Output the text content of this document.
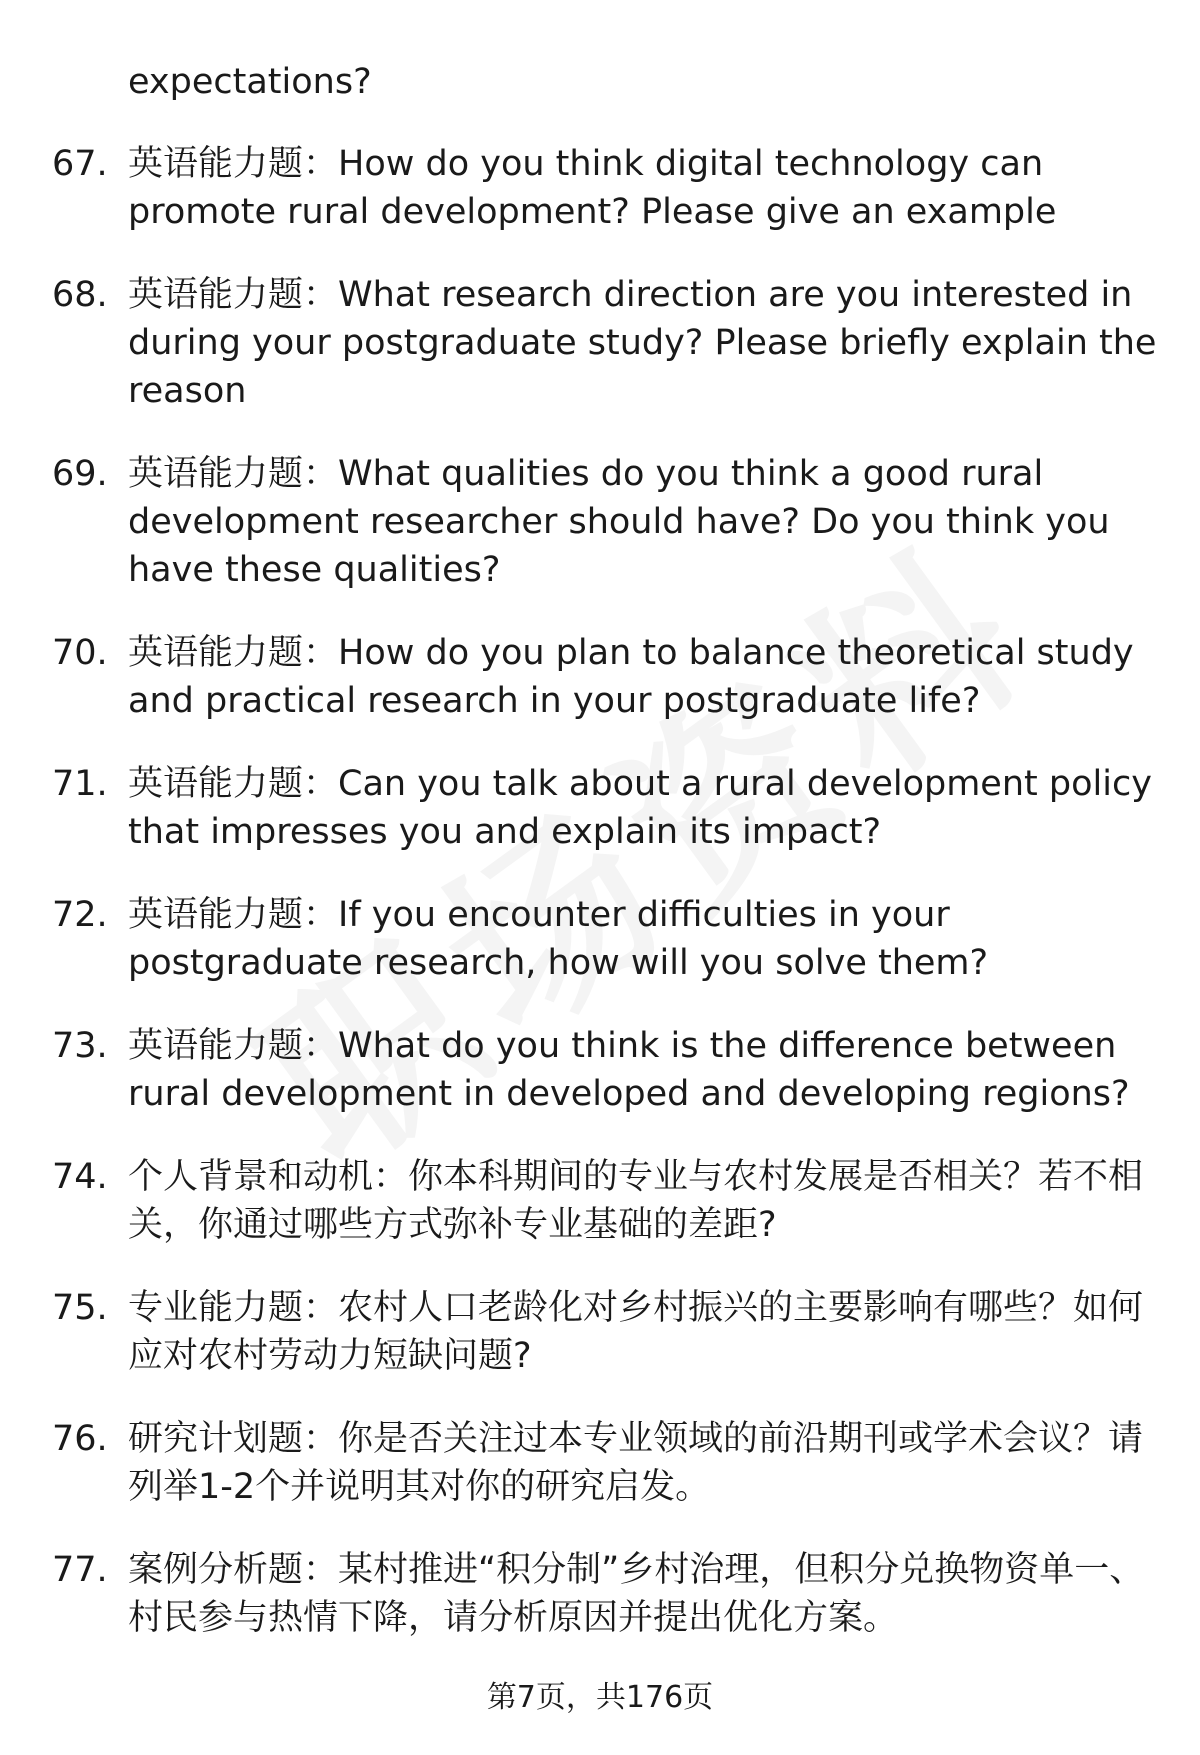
expectations?
67. 英语能力题：How do you think digital technology can promote rural development? Please give an example
68. 英语能力题：What research direction are you interested in during your postgraduate study? Please briefly explain the reason
69. 英语能力题：What qualities do you think a good rural development researcher should have? Do you think you have these qualities?
70. 英语能力题：How do you plan to balance theoretical study and practical research in your postgraduate life?
71. 英语能力题：Can you talk about a rural development policy that impresses you and explain its impact?
72. 英语能力题：If you encounter difficulties in your postgraduate research, how will you solve them?
73. 英语能力题：What do you think is the difference between rural development in developed and developing regions?
74. 个人背景和动机：你本科期间的专业与农村发展是否相关？若不相关，你通过哪些方式弥补专业基础的差距?
75. 专业能力题：农村人口老龄化对乡村振兴的主要影响有哪些？如何应对农村劳动力短缺问题?
76. 研究计划题：你是否关注过本专业领域的前沿期刊或学术会议？请列举1-2个并说明其对你的研究启发。
77. 案例分析题：某村推进“积分制”乡村治理，但积分兑换物资单一、村民参与热情下降，请分析原因并提出优化方案。
第7页，共176页
